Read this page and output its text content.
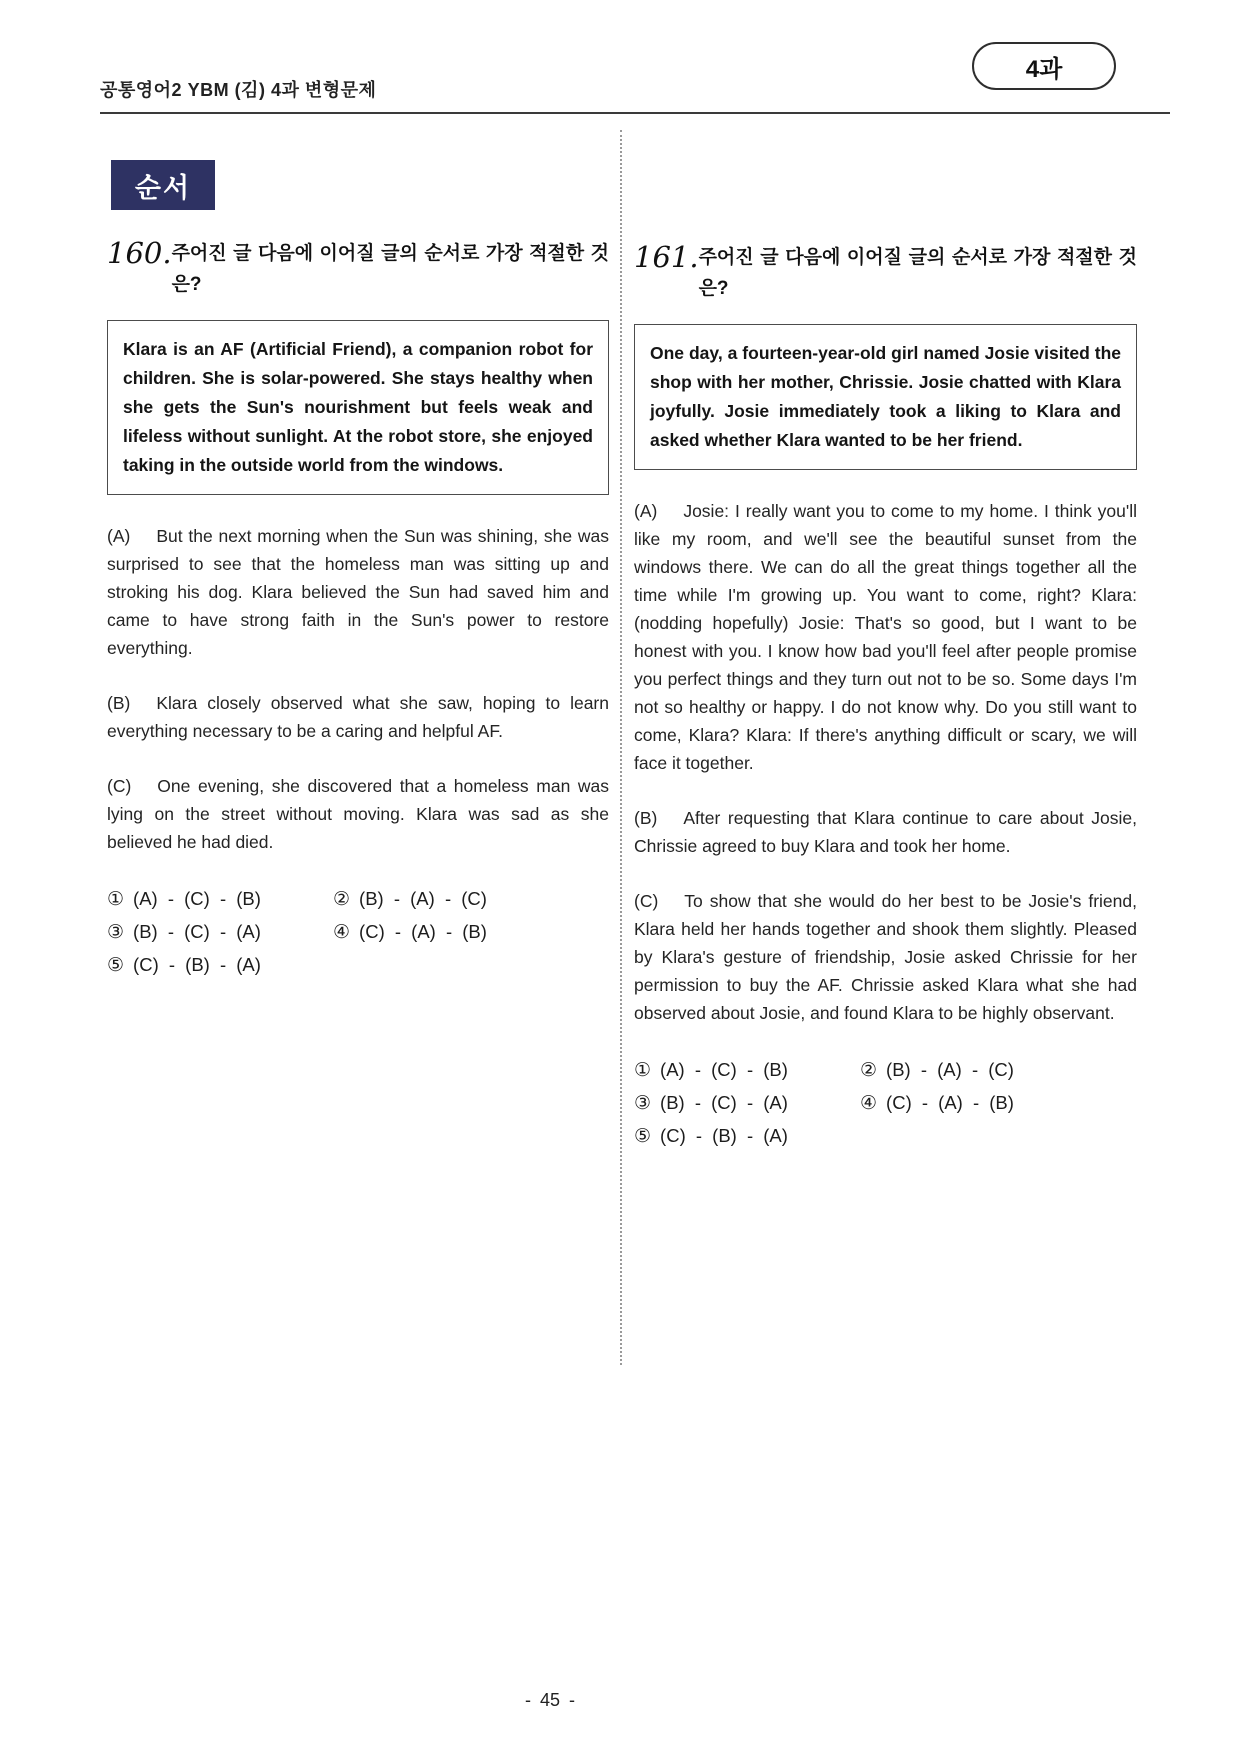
공통영어2 YBM (김) 4과 변형문제
4과
순서
160. 주어진 글 다음에 이어질 글의 순서로 가장 적절한 것은?
Klara is an AF (Artificial Friend), a companion robot for children. She is solar-powered. She stays healthy when she gets the Sun's nourishment but feels weak and lifeless without sunlight. At the robot store, she enjoyed taking in the outside world from the windows.

(A) But the next morning when the Sun was shining, she was surprised to see that the homeless man was sitting up and stroking his dog. Klara believed the Sun had saved him and came to have strong faith in the Sun's power to restore everything.

(B) Klara closely observed what she saw, hoping to learn everything necessary to be a caring and helpful AF.

(C) One evening, she discovered that a homeless man was lying on the street without moving. Klara was sad as she believed he had died.

① (A) - (C) - (B)	② (B) - (A) - (C)
③ (B) - (C) - (A)	④ (C) - (A) - (B)
⑤ (C) - (B) - (A)
161. 주어진 글 다음에 이어질 글의 순서로 가장 적절한 것은?
One day, a fourteen-year-old girl named Josie visited the shop with her mother, Chrissie. Josie chatted with Klara joyfully. Josie immediately took a liking to Klara and asked whether Klara wanted to be her friend.

(A) Josie: I really want you to come to my home. I think you'll like my room, and we'll see the beautiful sunset from the windows there. We can do all the great things together all the time while I'm growing up. You want to come, right? Klara: (nodding hopefully) Josie: That's so good, but I want to be honest with you. I know how bad you'll feel after people promise you perfect things and they turn out not to be so. Some days I'm not so healthy or happy. I do not know why. Do you still want to come, Klara? Klara: If there's anything difficult or scary, we will face it together.

(B) After requesting that Klara continue to care about Josie, Chrissie agreed to buy Klara and took her home.

(C) To show that she would do her best to be Josie's friend, Klara held her hands together and shook them slightly. Pleased by Klara's gesture of friendship, Josie asked Chrissie for her permission to buy the AF. Chrissie asked Klara what she had observed about Josie, and found Klara to be highly observant.

① (A) - (C) - (B)	② (B) - (A) - (C)
③ (B) - (C) - (A)	④ (C) - (A) - (B)
⑤ (C) - (B) - (A)
- 45 -
